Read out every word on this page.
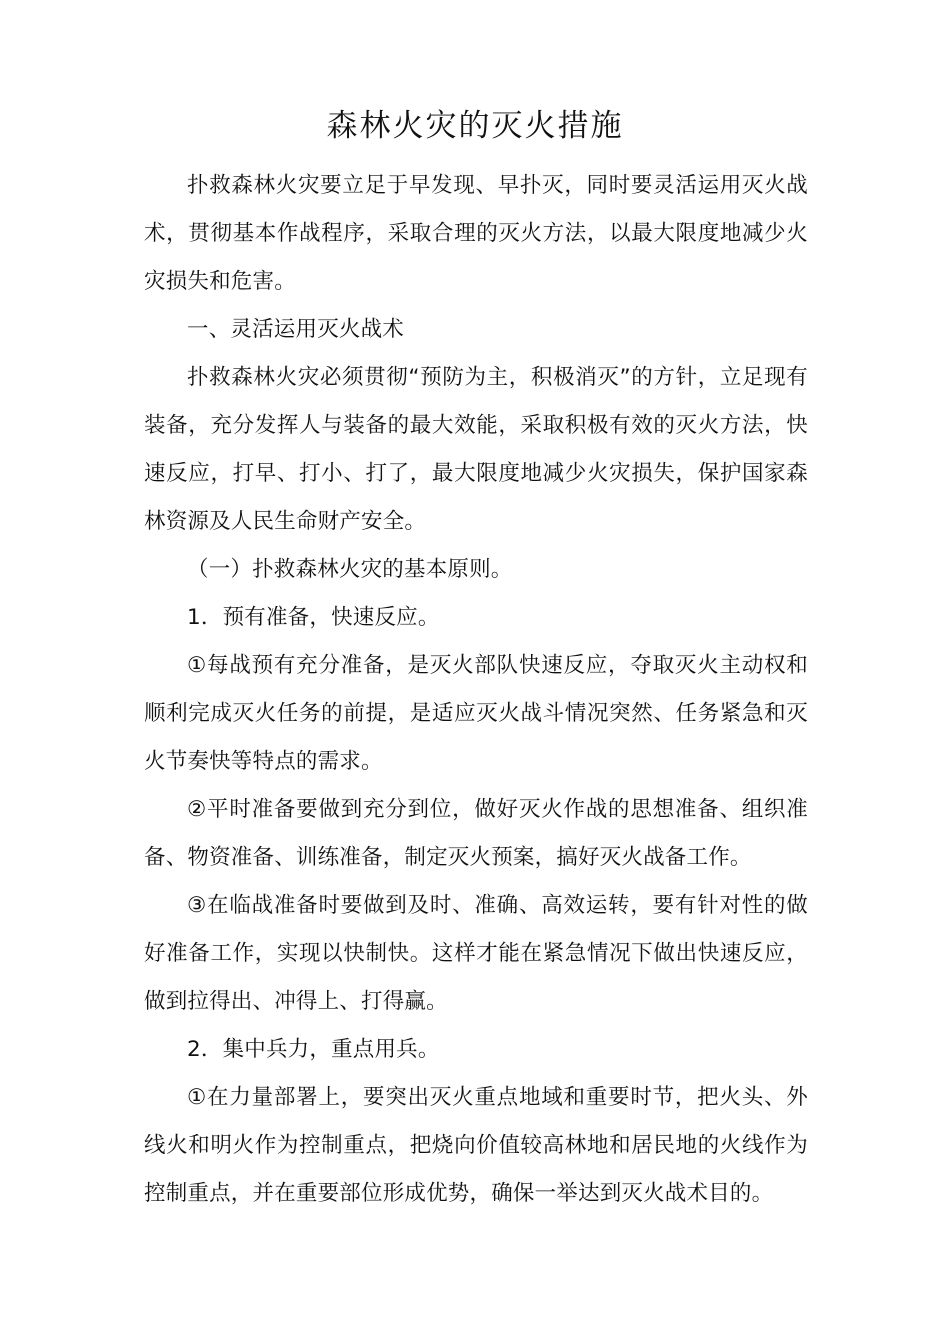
森林火灾的灭火措施

扑救森林火灾要立足于早发现、早扑灭，同时要灵活运用灭火战术，贯彻基本作战程序，采取合理的灭火方法，以最大限度地减少火灾损失和危害。

一、灵活运用灭火战术

扑救森林火灾必须贯彻“预防为主，积极消灭”的方针，立足现有装备，充分发挥人与装备的最大效能，采取积极有效的灭火方法，快速反应，打早、打小、打了，最大限度地减少火灾损失，保护国家森林资源及人民生命财产安全。

（一）扑救森林火灾的基本原则。

1．预有准备，快速反应。

①每战预有充分准备，是灭火部队快速反应，夺取灭火主动权和顺利完成灭火任务的前提，是适应灭火战斗情况突然、任务紧急和灭火节奏快等特点的需求。

②平时准备要做到充分到位，做好灭火作战的思想准备、组织准备、物资准备、训练准备，制定灭火预案，搞好灭火战备工作。

③在临战准备时要做到及时、准确、高效运转，要有针对性的做好准备工作，实现以快制快。这样才能在紧急情况下做出快速反应，做到拉得出、冲得上、打得赢。

2．集中兵力，重点用兵。

①在力量部署上，要突出灭火重点地域和重要时节，把火头、外线火和明火作为控制重点，把烧向价值较高林地和居民地的火线作为控制重点，并在重要部位形成优势，确保一举达到灭火战术目的。
